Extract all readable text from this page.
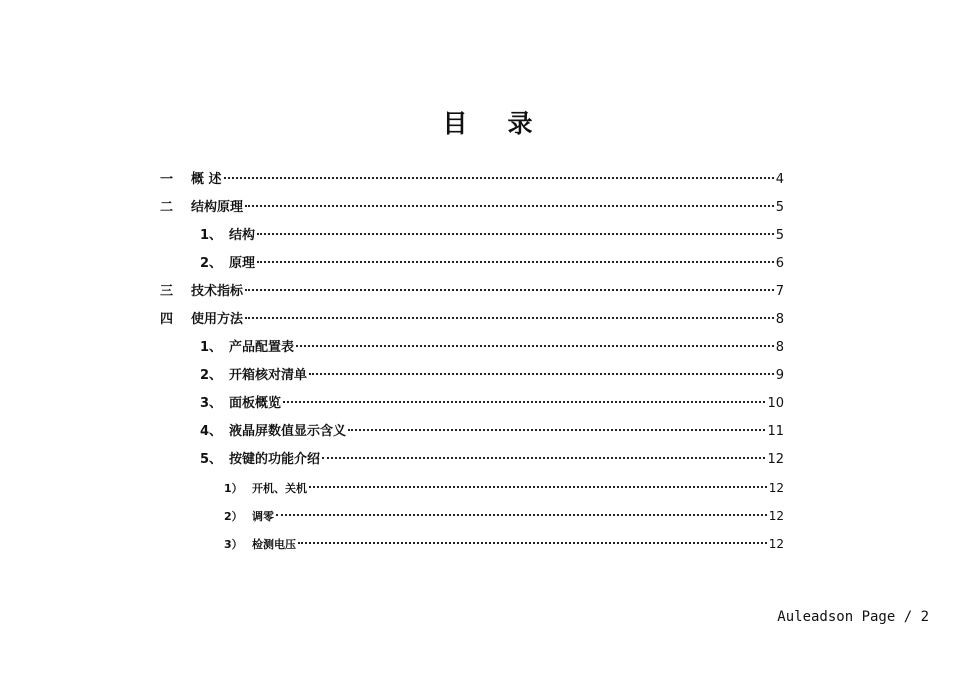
目 录
一	概 述	4
二	结构原理	5
1、 结构	5
2、 原理	6
三	技术指标	7
四	使用方法	8
1、 产品配置表	8
2、 开箱核对清单	9
3、 面板概览	10
4、 液晶屏数值显示含义	11
5、 按键的功能介绍	12
1） 开机、关机	12
2） 调零	12
3） 检测电压	12
Auleadson Page / 2
